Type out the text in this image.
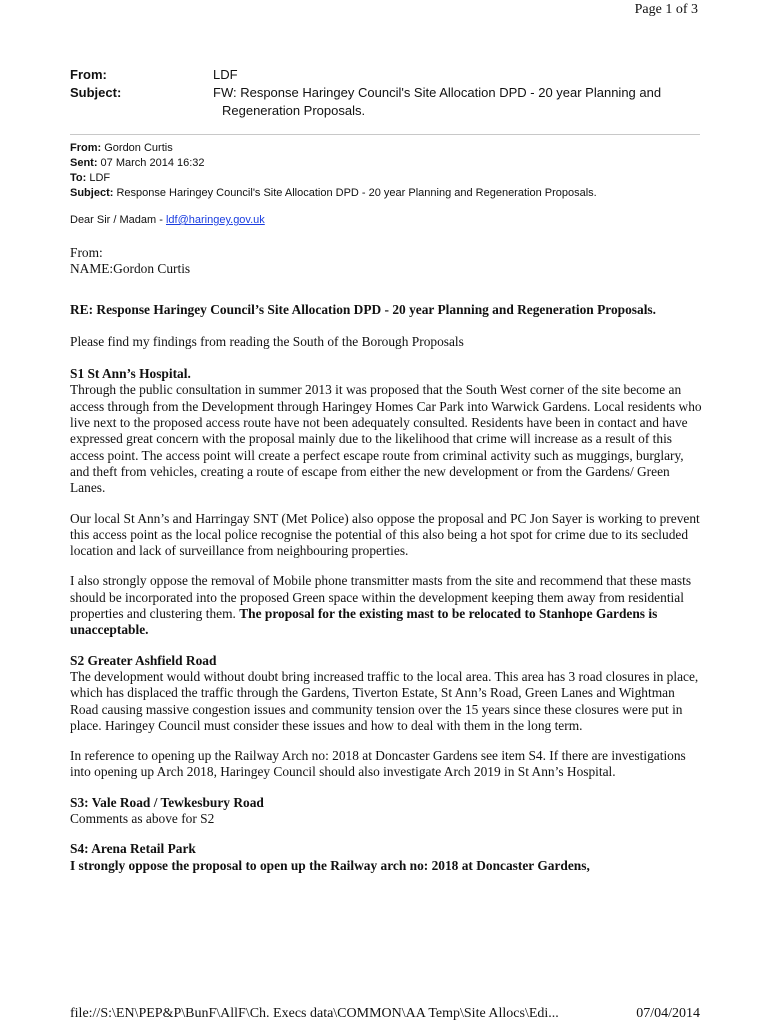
Page 1 of 3
From:	LDF
Subject:	FW: Response Haringey Council's Site Allocation DPD - 20 year Planning and
Regeneration Proposals.
From: Gordon Curtis
Sent: 07 March 2014 16:32
To: LDF
Subject: Response Haringey Council's Site Allocation DPD - 20 year Planning and Regeneration Proposals.
Dear Sir / Madam - ldf@haringey.gov.uk

From:

NAME:Gordon Curtis

RE: Response Haringey Council’s Site Allocation DPD - 20 year Planning and Regeneration Proposals.

Please find my findings from reading the South of the Borough Proposals

S1 St Ann’s Hospital.

Through the public consultation in summer 2013 it was proposed that the South West corner of the site become an access through from the Development through Haringey Homes Car Park into Warwick Gardens. Local residents who live next to the proposed access route have not been adequately consulted. Residents have been in contact and have expressed great concern with the proposal mainly due to the likelihood that crime will increase as a result of this access point. The access point will create a perfect escape route from criminal activity such as muggings, burglary, and theft from vehicles, creating a route of escape from either the new development or from the Gardens/ Green Lanes.

Our local St Ann’s and Harringay SNT (Met Police) also oppose the proposal and PC Jon Sayer is working to prevent this access point as the local police recognise the potential of this also being a hot spot for crime due to its secluded location and lack of surveillance from neighbouring properties.

I also strongly oppose the removal of Mobile phone transmitter masts from the site and recommend that these masts should be incorporated into the proposed Green space within the development keeping them away from residential properties and clustering them. The proposal for the existing mast to be relocated to Stanhope Gardens is unacceptable.

S2 Greater Ashfield Road

The development would without doubt bring increased traffic to the local area. This area has 3 road closures in place, which has displaced the traffic through the Gardens, Tiverton Estate, St Ann’s Road, Green Lanes and Wightman Road causing massive congestion issues and community tension over the 15 years since these closures were put in place. Haringey Council must consider these issues and how to deal with them in the long term.

In reference to opening up the Railway Arch no: 2018 at Doncaster Gardens see item S4. If there are investigations into opening up Arch 2018, Haringey Council should also investigate Arch 2019 in St Ann’s Hospital.

S3: Vale Road / Tewkesbury Road

Comments as above for S2

S4: Arena Retail Park

I strongly oppose the proposal to open up the Railway arch no: 2018 at Doncaster Gardens,

file://S:\EN\PEP&P\BunF\AllF\Ch. Execs data\COMMON\AA Temp\Site Allocs\Edi...	07/04/2014
